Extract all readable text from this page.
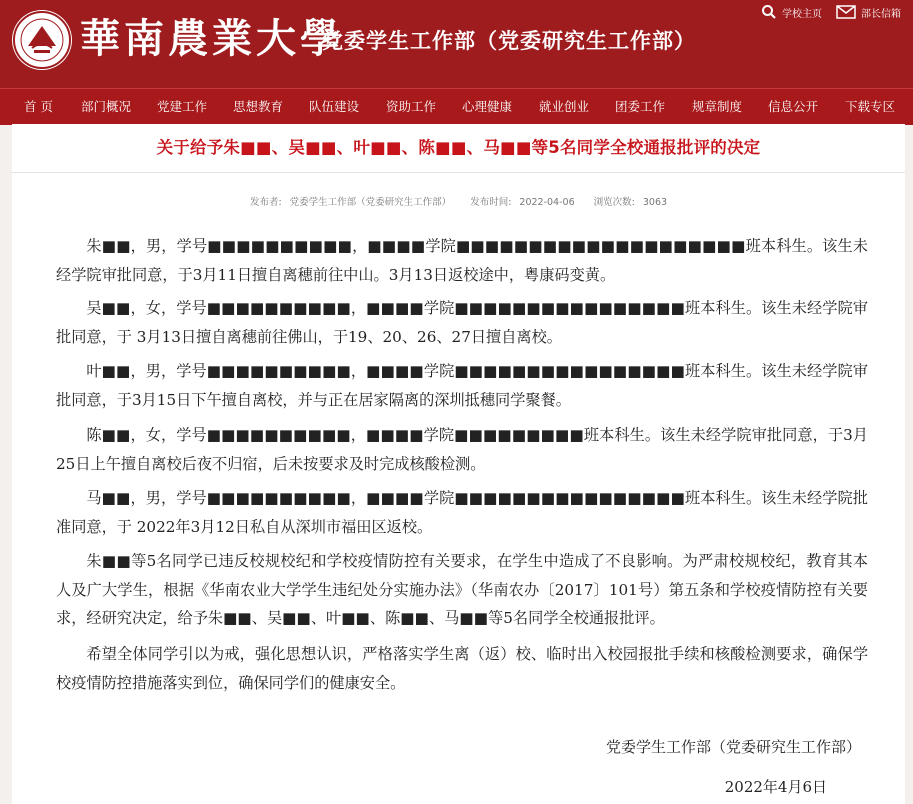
華南農業大學
党委学生工作部（党委研究生工作部）
学校主页	部长信箱
首 页 部门概况 党建工作 思想教育 队伍建设 资助工作 心理健康 就业创业 团委工作 规章制度 信息公开 下载专区
关于给予朱■■、吴■■、叶■■、陈■■、马■■等5名同学全校通报批评的决定
发布者: 党委学生工作部（党委研究生工作部） 发布时间: 2022-04-06 浏览次数: 3063
朱■■，男，学号■■■■■■■■■■，■■■■学院■■■■■■■■■■■■■■■■■■■■班本科生。该生未经学院审批同意，于3月11日擅自离穗前往中山。3月13日返校途中，粤康码变黄。
吴■■，女，学号■■■■■■■■■■，■■■■学院■■■■■■■■■■■■■■■■班本科生。该生未经学院审批同意，于 3月13日擅自离穗前往佛山，于19、20、26、27日擅自离校。
叶■■，男，学号■■■■■■■■■■，■■■■学院■■■■■■■■■■■■■■■■班本科生。该生未经学院审批同意，于3月15日下午擅自离校，并与正在居家隔离的深圳抵穗同学聚餐。
陈■■，女，学号■■■■■■■■■■，■■■■学院■■■■■■■■■班本科生。该生未经学院审批同意，于3月25日上午擅自离校后夜不归宿，后未按要求及时完成核酸检测。
马■■，男，学号■■■■■■■■■■，■■■■学院■■■■■■■■■■■■■■■■班本科生。该生未经学院批准同意，于 2022年3月12日私自从深圳市福田区返校。
朱■■等5名同学已违反校规校纪和学校疫情防控有关要求，在学生中造成了不良影响。为严肃校规校纪，教育其本人及广大学生，根据《华南农业大学学生违纪处分实施办法》（华南农办〔2017〕101号）第五条和学校疫情防控有关要求，经研究决定，给予朱■■、吴■■、叶■■、陈■■、马■■等5名同学全校通报批评。
希望全体同学引以为戒，强化思想认识，严格落实学生离（返）校、临时出入校园报批手续和核酸检测要求，确保学校疫情防控措施落实到位，确保同学们的健康安全。
党委学生工作部（党委研究生工作部）
2022年4月6日
